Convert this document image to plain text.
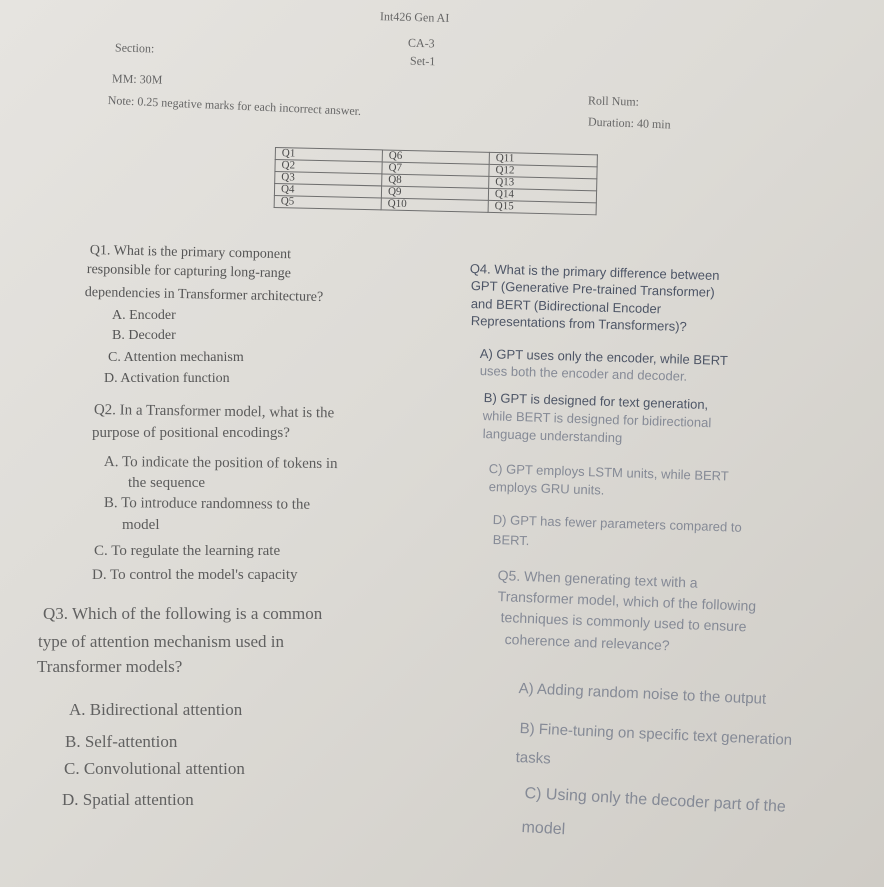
Int426 Gen AI
CA-3
Set-1
Section:
MM: 30M
Note: 0.25 negative marks for each incorrect answer.	Roll Num:
Duration: 40 min
Q1	Q6	Q11
Q2	Q7	Q12
Q3	Q8	Q13
Q4	Q9	Q14
Q5	Q10	Q15
Q1. What is the primary component
responsible for capturing long-range
dependencies in Transformer architecture?
A. Encoder
B. Decoder
C. Attention mechanism
D. Activation function
Q2. In a Transformer model, what is the
purpose of positional encodings?
A. To indicate the position of tokens in
the sequence
B. To introduce randomness to the
model
C. To regulate the learning rate
D. To control the model's capacity
Q3. Which of the following is a common
type of attention mechanism used in
Transformer models?
A. Bidirectional attention
B. Self-attention
C. Convolutional attention
D. Spatial attention
Q4. What is the primary difference between
GPT (Generative Pre-trained Transformer)
and BERT (Bidirectional Encoder
Representations from Transformers)?
A) GPT uses only the encoder, while BERT
uses both the encoder and decoder.
B) GPT is designed for text generation,
while BERT is designed for bidirectional
language understanding
C) GPT employs LSTM units, while BERT
employs GRU units.
D) GPT has fewer parameters compared to
BERT.
Q5. When generating text with a
Transformer model, which of the following
techniques is commonly used to ensure
coherence and relevance?
A) Adding random noise to the output
B) Fine-tuning on specific text generation
tasks
C) Using only the decoder part of the
model
